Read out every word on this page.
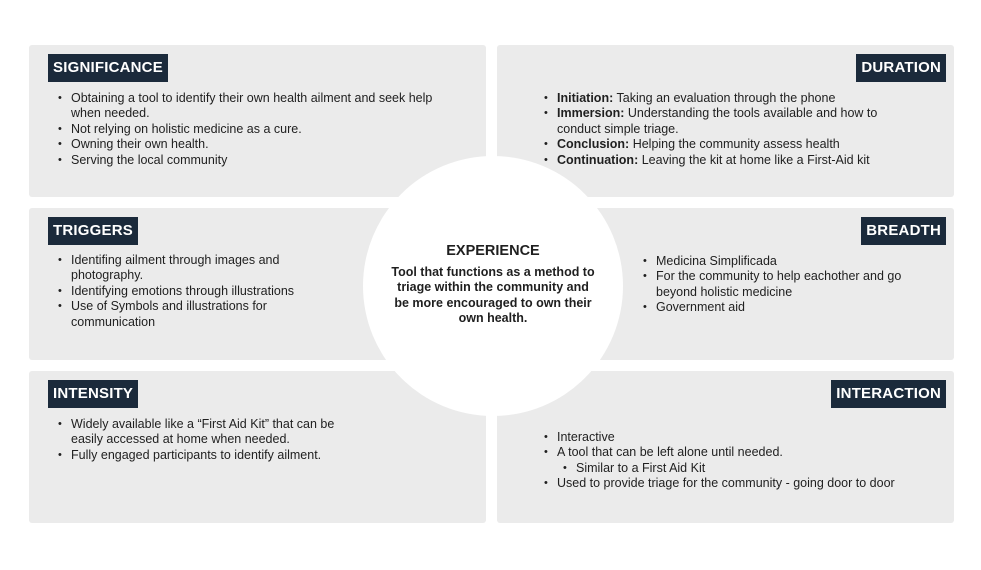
SIGNIFICANCE
• Obtaining a tool to identify their own health ailment and seek help when needed.
• Not relying on holistic medicine as a cure.
• Owning their own health.
• Serving the local community
DURATION
• Initiation: Taking an evaluation through the phone
• Immersion: Understanding the tools available and how to conduct simple triage.
• Conclusion: Helping the community assess health
• Continuation: Leaving the kit at home like a First-Aid kit
TRIGGERS
• Identifing ailment through images and photography.
• Identifying emotions through illustrations
• Use of Symbols and illustrations for communication
BREADTH
• Medicina Simplificada
• For the community to help eachother and go beyond holistic medicine
• Government aid
INTENSITY
• Widely available like a “First Aid Kit” that can be easily accessed at home when needed.
• Fully engaged participants to identify ailment.
INTERACTION
• Interactive
• A tool that can be left alone until needed.
• Similar to a First Aid Kit
• Used to provide triage for the community - going door to door
EXPERIENCE
Tool that functions as a method to triage within the community and be more encouraged to own their own health.
